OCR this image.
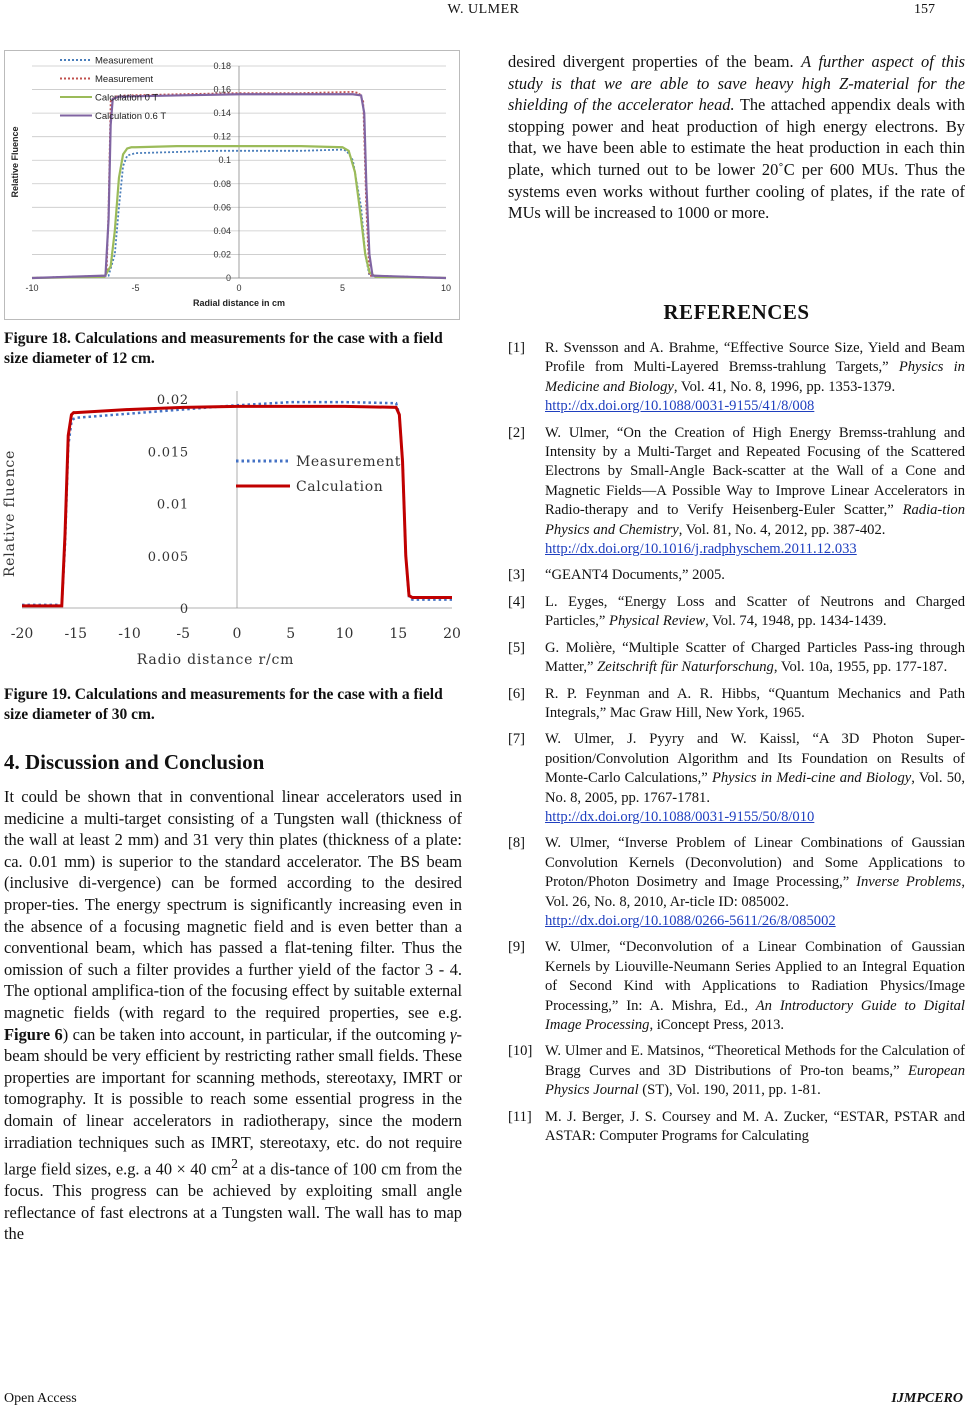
W. ULMER	157
0
0.02
0.04
0.06
0.08
0.1
0.12
0.14
0.16
0.18
-10	-5	0	5	10
Radial distance in cm
Relative Fluence
Measurement
Measurement
Calculation 0 T
Calculation 0.6 T
Figure 18. Calculations and measurements for the case with a field size diameter of 12 cm.
0
0.005
0.01
0.015
0.02
-20 -15 -10	-5	0	5	10	15	20
Radio distance r/cm
Relative fluence	Measurement
Calculation
Figure 19. Calculations and measurements for the case with a field size diameter of 30 cm.
4. Discussion and Conclusion
It could be shown that in conventional linear accelerators used in medicine a multi-target consisting of a Tungsten wall (thickness of the wall at least 2 mm) and 31 very thin plates (thickness of a plate: ca. 0.01 mm) is superior to the standard accelerator. The BS beam (inclusive di-vergence) can be formed according to the desired proper-ties. The energy spectrum is significantly increasing even in the absence of a focusing magnetic field and is even better than a conventional beam, which has passed a flat-tening filter. Thus the omission of such a filter provides a further yield of the factor 3 - 4. The optional amplifica-tion of the focusing effect by suitable external magnetic fields (with regard to the required properties, see e.g. Figure 6) can be taken into account, in particular, if the outcoming γ-beam should be very efficient by restricting rather small fields. These properties are important for scanning methods, stereotaxy, IMRT or tomography. It is possible to reach some essential progress in the domain of linear accelerators in radiotherapy, since the modern irradiation techniques such as IMRT, stereotaxy, etc. do not require large field sizes, e.g. a 40 × 40 $cm^2$ at a dis-tance of 100 cm from the focus. This progress can be achieved by exploiting small angle reflectance of fast electrons at a Tungsten wall. The wall has to map the
desired divergent properties of the beam. A further aspect of this study is that we are able to save heavy high Z-material for the shielding of the accelerator head. The attached appendix deals with stopping power and heat production of high energy electrons. By that, we have been able to estimate the heat production in each thin plate, which turned out to be lower 20˚C per 600 MUs. Thus the systems even works without further cooling of plates, if the rate of MUs will be increased to 1000 or more.
REFERENCES
[1] R. Svensson and A. Brahme, “Effective Source Size, Yield and Beam Profile from Multi-Layered Bremss-trahlung Targets,” Physics in Medicine and Biology, Vol. 41, No. 8, 1996, pp. 1353-1379.
http://dx.doi.org/10.1088/0031-9155/41/8/008
[2] W. Ulmer, “On the Creation of High Energy Bremss-trahlung and Intensity by a Multi-Target and Repeated Focusing of the Scattered Electrons by Small-Angle Back-scatter at the Wall of a Cone and Magnetic Fields—A Possible Way to Improve Linear Accelerators in Radio-therapy and to Verify Heisenberg-Euler Scatter,” Radia-tion Physics and Chemistry, Vol. 81, No. 4, 2012, pp. 387-402.
http://dx.doi.org/10.1016/j.radphyschem.2011.12.033
[3] “GEANT4 Documents,” 2005.
[4] L. Eyges, “Energy Loss and Scatter of Neutrons and Charged Particles,” Physical Review, Vol. 74, 1948, pp. 1434-1439.
[5] G. Molière, “Multiple Scatter of Charged Particles Pass-ing through Matter,” Zeitschrift für Naturforschung, Vol. 10a, 1955, pp. 177-187.
[6] R. P. Feynman and A. R. Hibbs, “Quantum Mechanics and Path Integrals,” Mac Graw Hill, New York, 1965.
[7] W. Ulmer, J. Pyyry and W. Kaissl, “A 3D Photon Super-position/Convolution Algorithm and Its Foundation on Results of Monte-Carlo Calculations,” Physics in Medi-cine and Biology, Vol. 50, No. 8, 2005, pp. 1767-1781.
http://dx.doi.org/10.1088/0031-9155/50/8/010
[8] W. Ulmer, “Inverse Problem of Linear Combinations of Gaussian Convolution Kernels (Deconvolution) and Some Applications to Proton/Photon Dosimetry and Image Processing,” Inverse Problems, Vol. 26, No. 8, 2010, Ar-ticle ID: 085002.
http://dx.doi.org/10.1088/0266-5611/26/8/085002
[9] W. Ulmer, “Deconvolution of a Linear Combination of Gaussian Kernels by Liouville-Neumann Series Applied to an Integral Equation of Second Kind with Applications to Radiation Physics/Image Processing,” In: A. Mishra, Ed., An Introductory Guide to Digital Image Processing, iConcept Press, 2013.
[10] W. Ulmer and E. Matsinos, “Theoretical Methods for the Calculation of Bragg Curves and 3D Distributions of Pro-ton beams,” European Physics Journal (ST), Vol. 190, 2011, pp. 1-81.
[11] M. J. Berger, J. S. Coursey and M. A. Zucker, “ESTAR, PSTAR and ASTAR: Computer Programs for Calculating
Open Access	IJMPCERO
